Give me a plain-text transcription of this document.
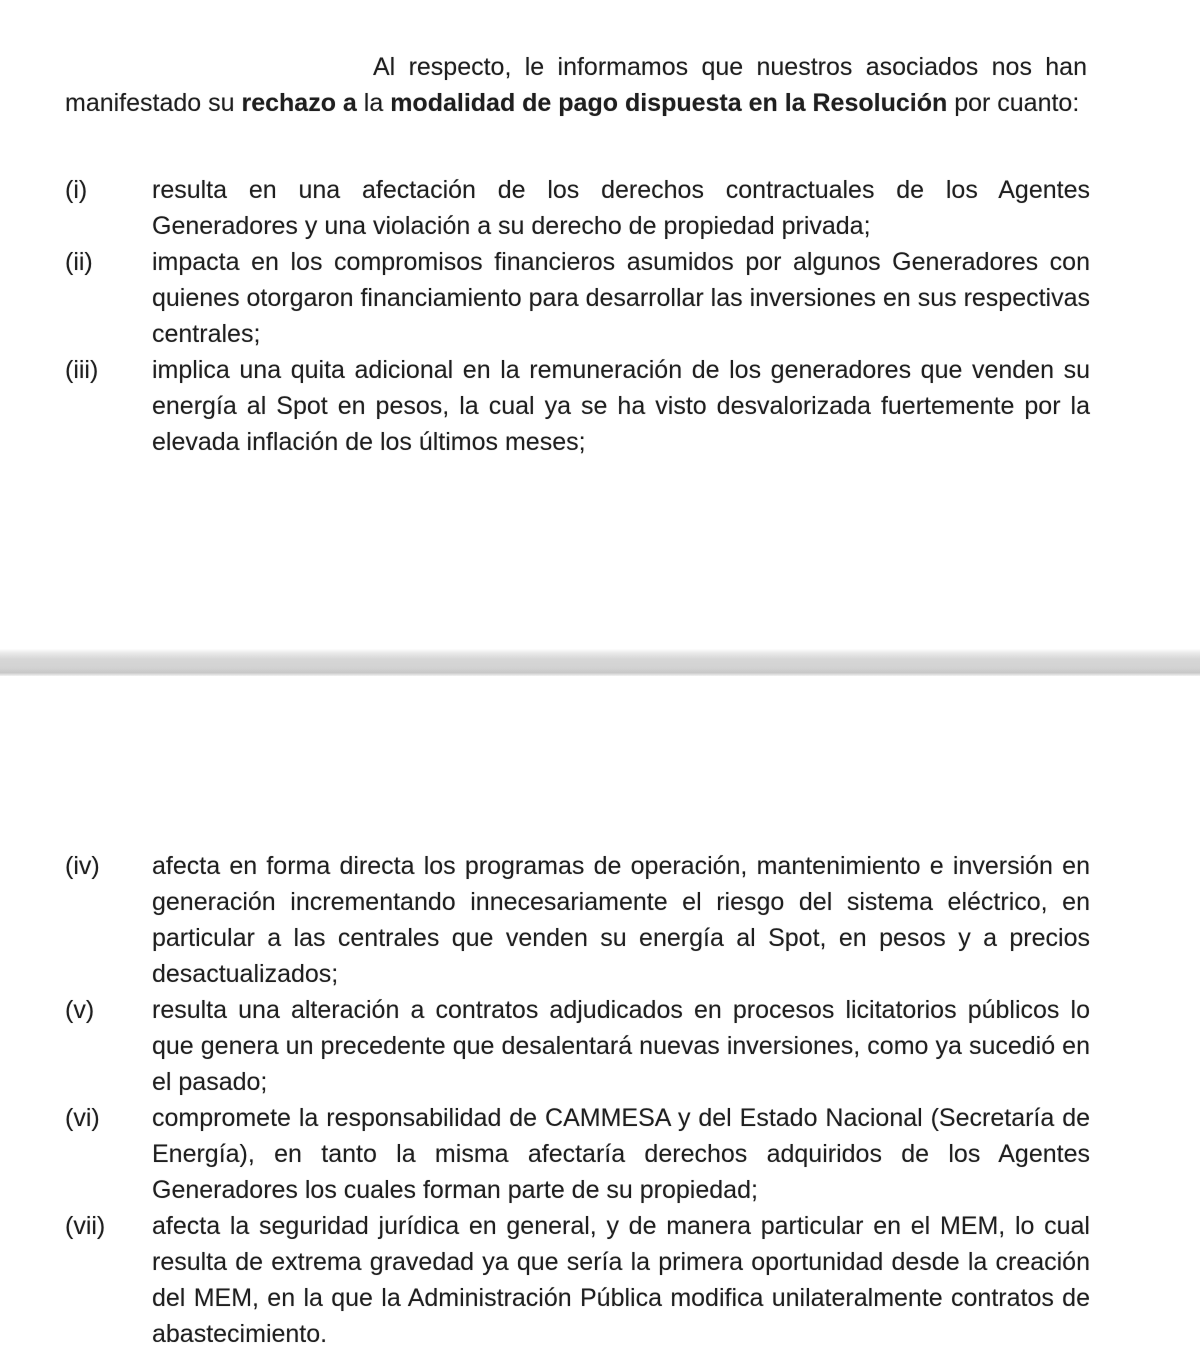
Al respecto, le informamos que nuestros asociados nos han manifestado su rechazo a la modalidad de pago dispuesta en la Resolución por cuanto:

(i)	resulta en una afectación de los derechos contractuales de los Agentes Generadores y una violación a su derecho de propiedad privada;
(ii) impacta en los compromisos financieros asumidos por algunos Generadores con quienes otorgaron financiamiento para desarrollar las inversiones en sus respectivas centrales;
(iii) implica una quita adicional en la remuneración de los generadores que venden su energía al Spot en pesos, la cual ya se ha visto desvalorizada fuertemente por la elevada inflación de los últimos meses;
(iv) afecta en forma directa los programas de operación, mantenimiento e inversión en generación incrementando innecesariamente el riesgo del sistema eléctrico, en particular a las centrales que venden su energía al Spot, en pesos y a precios desactualizados;
(v) resulta una alteración a contratos adjudicados en procesos licitatorios públicos lo que genera un precedente que desalentará nuevas inversiones, como ya sucedió en el pasado;
(vi) compromete la responsabilidad de CAMMESA y del Estado Nacional (Secretaría de Energía), en tanto la misma afectaría derechos adquiridos de los Agentes Generadores los cuales forman parte de su propiedad;
(vii) afecta la seguridad jurídica en general, y de manera particular en el MEM, lo cual resulta de extrema gravedad ya que sería la primera oportunidad desde la creación del MEM, en la que la Administración Pública modifica unilateralmente contratos de abastecimiento.
